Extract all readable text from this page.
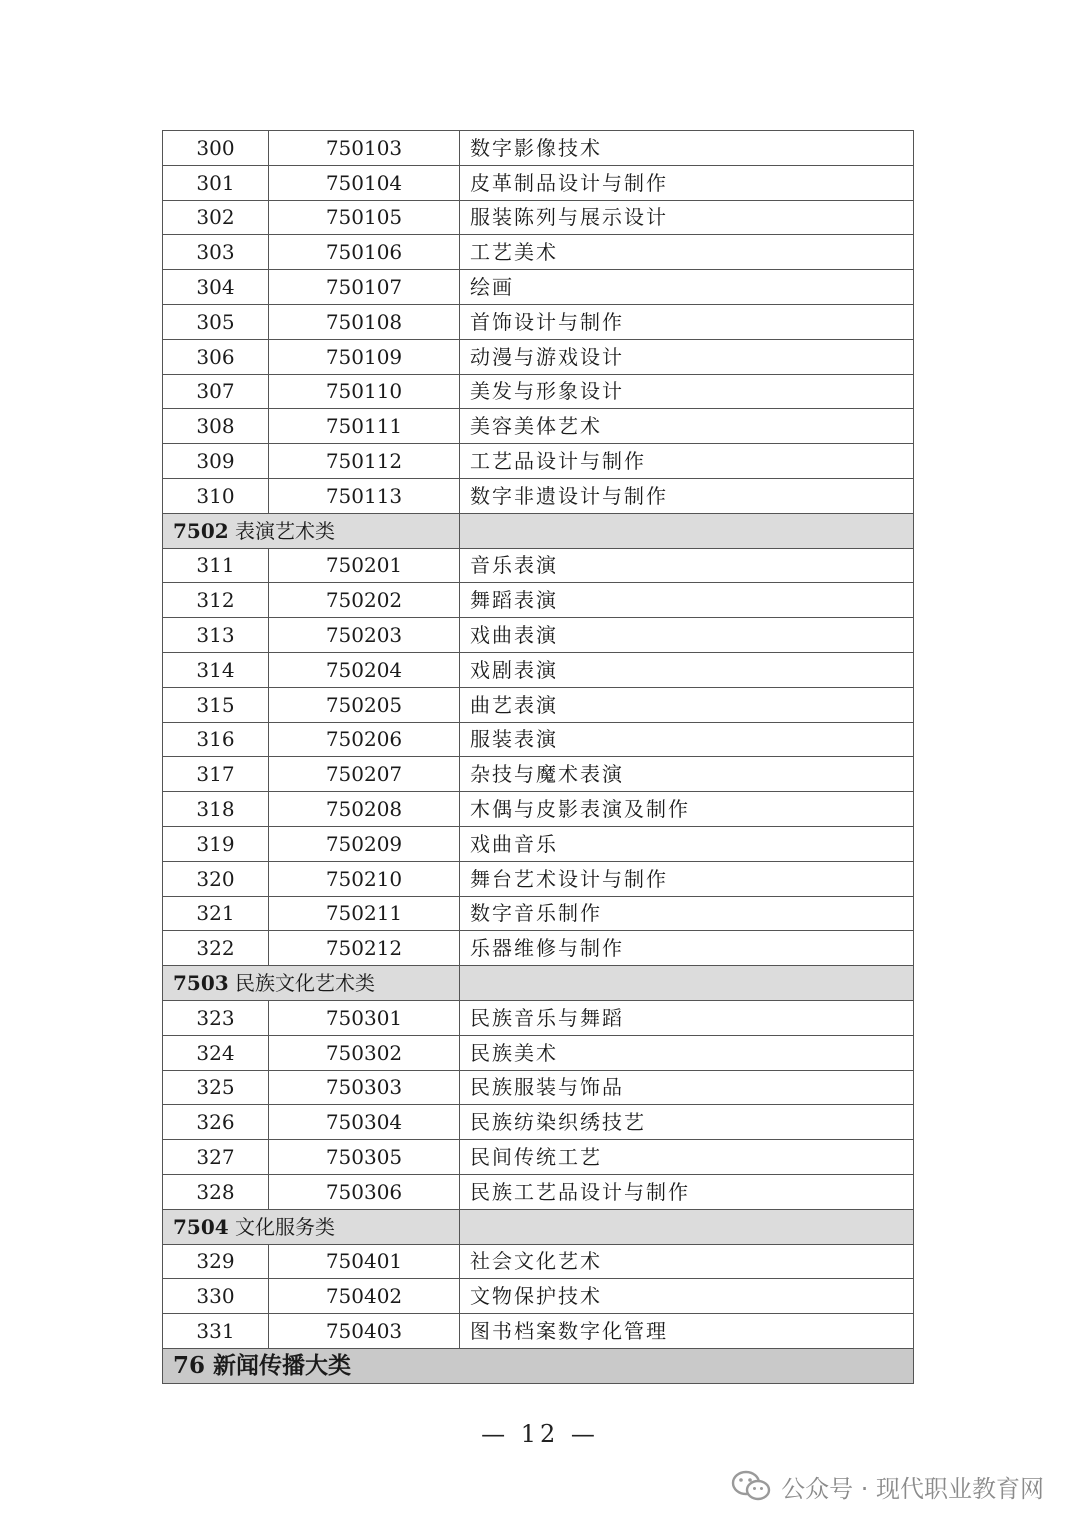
300	750103	数字影像技术
301	750104	皮革制品设计与制作
302	750105	服装陈列与展示设计
303	750106	工艺美术
304	750107	绘画
305	750108	首饰设计与制作
306	750109	动漫与游戏设计
307	750110	美发与形象设计
308	750111	美容美体艺术
309	750112	工艺品设计与制作
310	750113	数字非遗设计与制作
7502 表演艺术类		
311	750201	音乐表演
312	750202	舞蹈表演
313	750203	戏曲表演
314	750204	戏剧表演
315	750205	曲艺表演
316	750206	服装表演
317	750207	杂技与魔术表演
318	750208	木偶与皮影表演及制作
319	750209	戏曲音乐
320	750210	舞台艺术设计与制作
321	750211	数字音乐制作
322	750212	乐器维修与制作
7503 民族文化艺术类		
323	750301	民族音乐与舞蹈
324	750302	民族美术
325	750303	民族服装与饰品
326	750304	民族纺染织绣技艺
327	750305	民间传统工艺
328	750306	民族工艺品设计与制作
7504 文化服务类		
329	750401	社会文化艺术
330	750402	文物保护技术
331	750403	图书档案数字化管理
76 新闻传播大类		
— 12 —
公众号 · 现代职业教育网
